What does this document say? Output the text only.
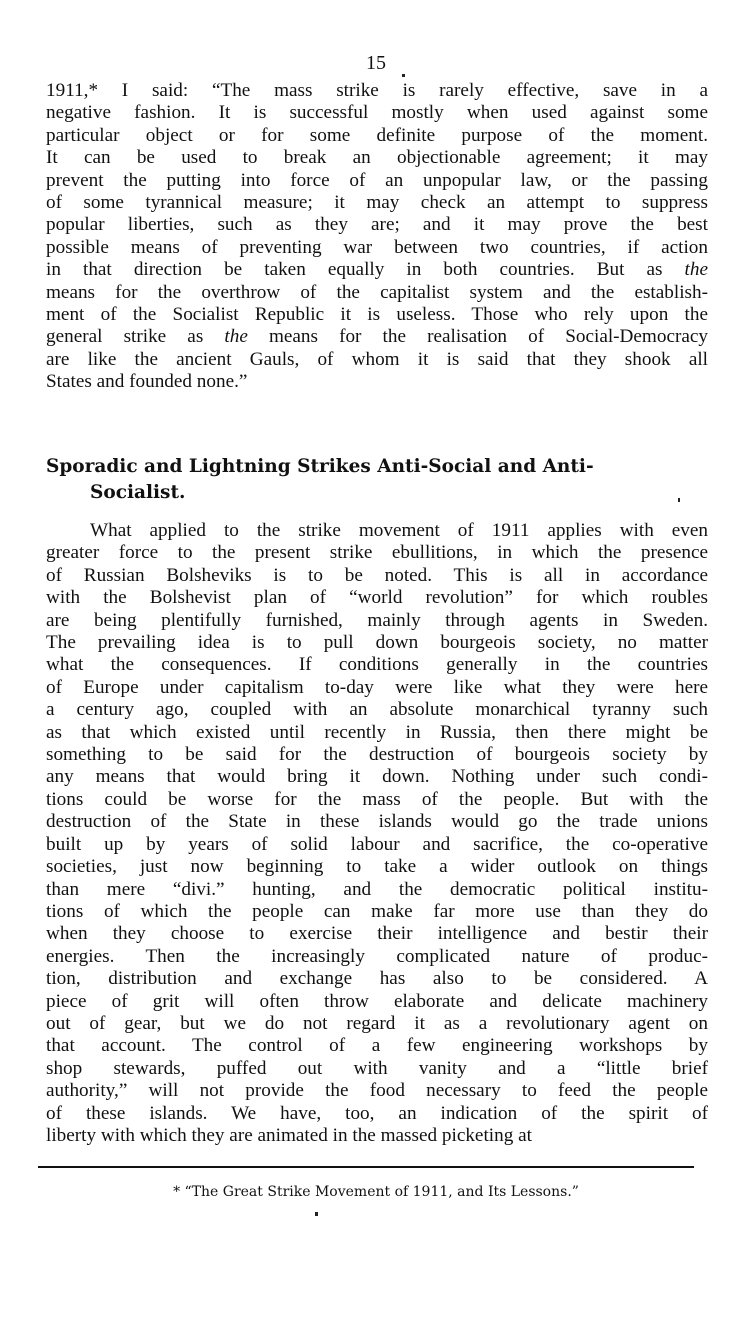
15
1911,* I said: “The mass strike is rarely effective, save in a
negative fashion. It is successful mostly when used against some
particular object or for some definite purpose of the moment.
It can be used to break an objectionable agreement; it may
prevent the putting into force of an unpopular law, or the passing
of some tyrannical measure; it may check an attempt to suppress
popular liberties, such as they are; and it may prove the best
possible means of preventing war between two countries, if action
in that direction be taken equally in both countries. But as the
means for the overthrow of the capitalist system and the establish-
ment of the Socialist Republic it is useless. Those who rely upon the
general strike as the means for the realisation of Social-Democracy
are like the ancient Gauls, of whom it is said that they shook all
States and founded none.”
Sporadic and Lightning Strikes Anti-Social and Anti-
Socialist.
What applied to the strike movement of 1911 applies with even
greater force to the present strike ebullitions, in which the presence
of Russian Bolsheviks is to be noted. This is all in accordance
with the Bolshevist plan of “world revolution” for which roubles
are being plentifully furnished, mainly through agents in Sweden.
The prevailing idea is to pull down bourgeois society, no matter
what the consequences. If conditions generally in the countries
of Europe under capitalism to-day were like what they were here
a century ago, coupled with an absolute monarchical tyranny such
as that which existed until recently in Russia, then there might be
something to be said for the destruction of bourgeois society by
any means that would bring it down. Nothing under such condi-
tions could be worse for the mass of the people. But with the
destruction of the State in these islands would go the trade unions
built up by years of solid labour and sacrifice, the co-operative
societies, just now beginning to take a wider outlook on things
than mere “divi.” hunting, and the democratic political institu-
tions of which the people can make far more use than they do
when they choose to exercise their intelligence and bestir their
energies. Then the increasingly complicated nature of produc-
tion, distribution and exchange has also to be considered. A
piece of grit will often throw elaborate and delicate machinery
out of gear, but we do not regard it as a revolutionary agent on
that account. The control of a few engineering workshops by
shop stewards, puffed out with vanity and a “little brief
authority,” will not provide the food necessary to feed the people
of these islands. We have, too, an indication of the spirit of
liberty with which they are animated in the massed picketing at
* “The Great Strike Movement of 1911, and Its Lessons.”
